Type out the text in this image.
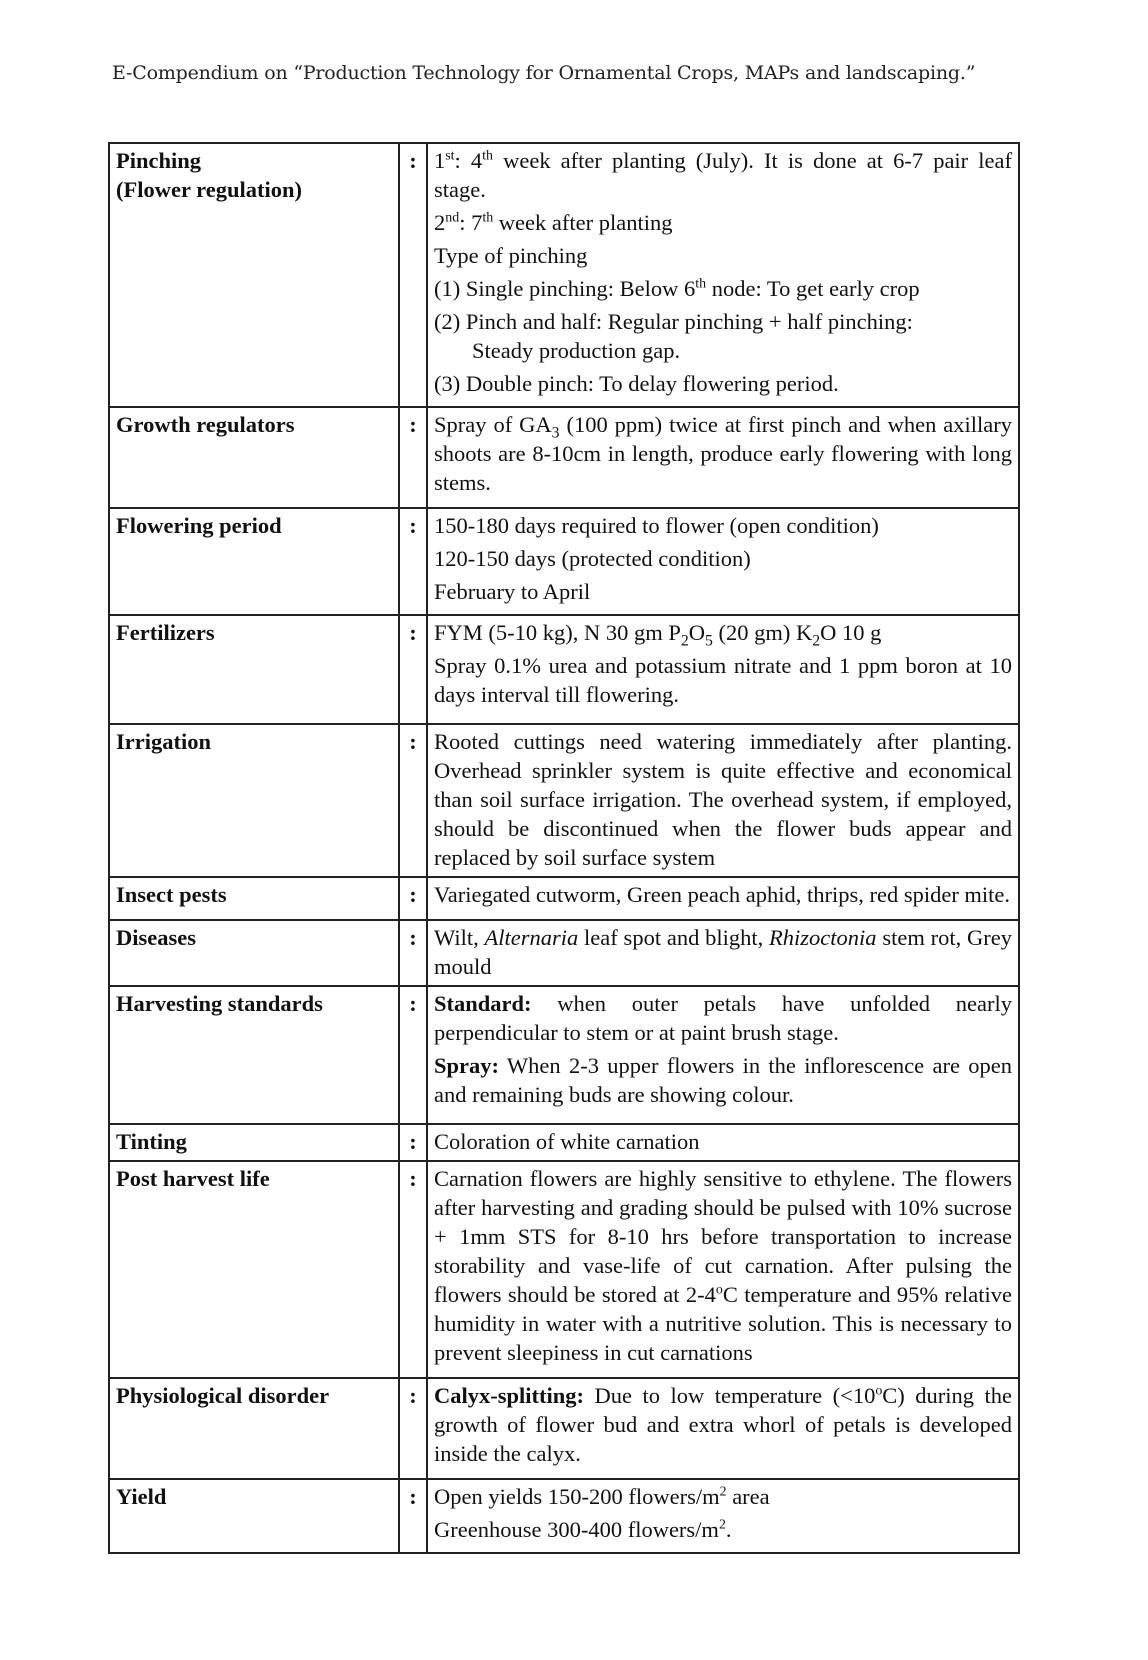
E-Compendium on “Production Technology for Ornamental Crops, MAPs and landscaping.”
Pinching
(Flower regulation)	:	1st: 4th week after planting (July). It is done at 6-7 pair leaf stage.

2nd: 7th week after planting

Type of pinching

(1) Single pinching: Below 6th node: To get early crop

(2) Pinch and half: Regular pinching + half pinching:
Steady production gap.

(3) Double pinch: To delay flowering period.

Growth regulators	:	Spray of $GA_3$ (100 ppm) twice at first pinch and when axillary shoots are 8-10cm in length, produce early flowering with long stems.
Flowering period	:	150-180 days required to flower (open condition)

120-150 days (protected condition)

February to April

Fertilizers	:	FYM (5-10 kg), N 30 gm $P_2O_5$ (20 gm) $K_2O$ 10 g

Spray 0.1% urea and potassium nitrate and 1 ppm boron at 10 days interval till flowering.

Irrigation	:	Rooted cuttings need watering immediately after planting. Overhead sprinkler system is quite effective and economical than soil surface irrigation. The overhead system, if employed, should be discontinued when the flower buds appear and replaced by soil surface system
Insect pests	:	Variegated cutworm, Green peach aphid, thrips, red spider mite.
Diseases	:	Wilt, Alternaria leaf spot and blight, Rhizoctonia stem rot, Grey mould
Harvesting standards	:	Standard: when outer petals have unfolded nearly perpendicular to stem or at paint brush stage.

Spray: When 2-3 upper flowers in the inflorescence are open and remaining buds are showing colour.

Tinting	:	Coloration of white carnation
Post harvest life	:	Carnation flowers are highly sensitive to ethylene. The flowers after harvesting and grading should be pulsed with 10% sucrose + 1mm STS for 8-10 hrs before transportation to increase storability and vase-life of cut carnation. After pulsing the flowers should be stored at 2-4$^o$C temperature and 95% relative humidity in water with a nutritive solution. This is necessary to prevent sleepiness in cut carnations
Physiological disorder	:	Calyx-splitting: Due to low temperature $(<10^oC)$ during the growth of flower bud and extra whorl of petals is developed inside the calyx.
Yield	:	Open yields 150-200 flowers/$m^2$ area

Greenhouse 300-400 flowers/$m^2$.
